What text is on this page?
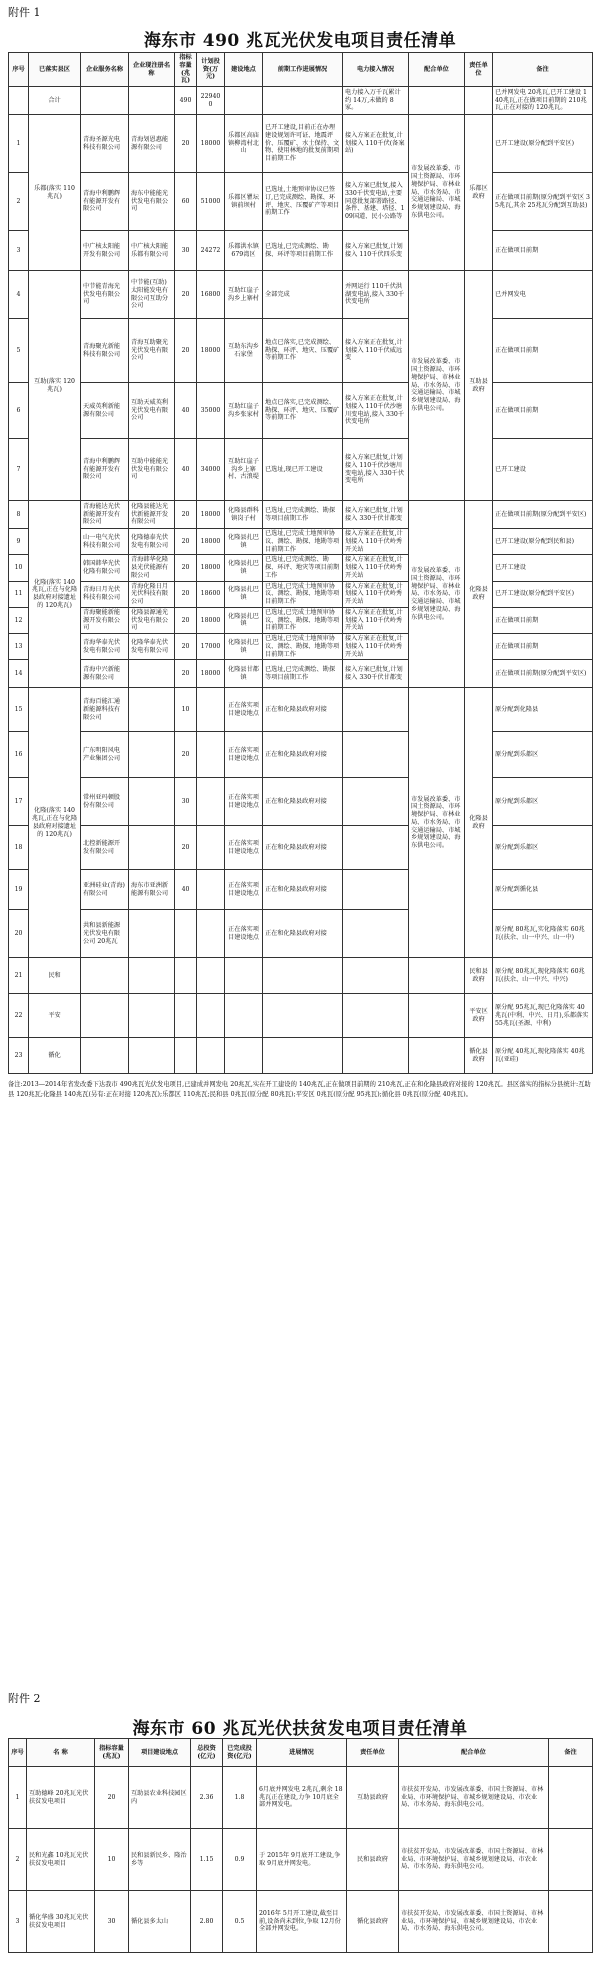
附件 1
海东市 490 兆瓦光伏发电项目责任清单
序号	已落实县区	企业服务名称	企业现注册名称	指标容量(兆瓦)	计划投资(万元)	建设地点	前期工作进展情况	电力接入情况	配合单位	责任单位	备注
	合计			490	229400			电力接入万千瓦累计约 14万,未做的 8家。			已并网发电 20兆瓦,已开工建设 140兆瓦,正在做项目前期的 210兆瓦,正在对接的 120兆瓦。
1	乐都(落实 110兆瓦)	青海圣源光电科技有限公司	青海划恩惠能源有限公司	20	18000	乐都区高庙镇柳湾村北山	已开工建设,目前正在办理建设规划许可证、地震评价、压覆矿、水土保持、文物、使用林地的批复前期项目前期工作	接入方案正在批复,计划接入 110千伏(备案站)	市发展改革委、市国土资源局、市环境保护局、市林业局、市水务局、市交通运输局、市城乡规划建设局、海东供电公司。	乐都区政府	已开工建设(原分配到平安区)
2		青海中利鹏辉有能源开发有限公司	海东中能能光伏发电有限公司	60	51000	乐都区瞿坛镇前坝村	已选址,土地预审协议已签订,已完成测绘、勘探、环评、地灾、压覆矿产等项目前期工作	接入方案已批复,接入 330千伏变电站,主要同意批复部署路径、条件、基建、塔径、109国道、民小公路等			正在做项目前期(原分配到平安区 35兆瓦,其余 25兆瓦分配到互助县)
3		中广核太阳能开发有限公司	中广核大阳能乐都有限公司	30	24272	乐都洪水镇 679湾区	已选址,已完成测绘、勘探、环评等项目前期工作	接入方案已批复,计划接入 110千伏四乐变			正在做项目前期
4	互助(落实 120兆瓦)	中节能青海光伏发电有限公司	中节能(互助)太阳能发电有限公司互助分公司	20	16800	互助红崖子沟乡上寨村	全部完成	并网运行 110千伏洪湖变电站,接入 330千伏变电所	市发展改革委、市国土资源局、市环境保护局、市林业局、市水务局、市交通运输局、市城乡规划建设局、海东供电公司。	互助县政府	已并网发电
5		青海聚光新能科技有限公司	青海互助聚光光伏发电有限公司	20	18000	互助东沟乡石家堡	地点已落实,已完成测绘、勘探、环评、地灾、压覆矿等前期工作	接入方案正在批复,计划接入 110千伏威远变			正在做项目前期
6		天威英利新能源有限公司	互助天威英利光伏发电有限公司	40	35000	互助红崖子沟乡张家村	地点已落实,已完成测绘、勘探、环评、地灾、压覆矿等前期工作	接入方案正在批复,计划接入 110千伏沙塘川变电站,接入 330千伏变电所			正在做项目前期
7		青海中利鹏辉有能源开发有限公司	互助中能能光伏发电有限公司	40	34000	互助红崖子沟乡上寨村、古浪堤	已选址,现已开工建设	接入方案已批复,计划接入 110千伏沙塘川变电站,接入 330千伏变电所			已开工建设
8	化隆(落实 140兆瓦,正在与化隆县政府对接遗址的 120兆瓦)	青海能达光伏新能源开发有限公司	化隆县能达光伏新能源开发有限公司	20	18000	化隆县群科镇岗子村	已选址,已完成测绘、勘探等项目前期工作	接入方案已批复,计划接入 330千伏甘都变	市发展改革委、市国土资源局、市环境保护局、市林业局、市水务局、市交通运输局、市城乡规划建设局、海东供电公司。	化隆县政府	正在做项目前期(原分配到平安区)
9		山一电气光伏科技有限公司	化隆德泰光伏发电有限公司	20	18000	化隆县扎巴镇	已选址,已完成土地预审协议、测绘、勘探、地勘等项目前期工作	接入方案正在批复,计划接入 110千伏岭秀开关站			已开工建设(原分配到民和县)
10		韩国韩华光伏化隆有限公司	青海韩华化隆县光伏能源有限公司	20	18000	化隆县扎巴镇	已选址,已完成测绘、勘探、环评、地灾等项目前期工作	接入方案正在批复,计划接入 110千伏岭秀开关站			已开工建设
11		青海日月光伏科技有限公司	青海化隆日月光伏科技有限公司	20	18600	化隆县扎巴镇	已选址,已完成土地预审协议、测绘、勘探、地勘等项目前期工作	接入方案正在批复,计划接入 110千伏岭秀开关站			已开工建设(原分配到平安区)
12		青海聚能新能源开发有限公司	化隆县源通光伏发电有限公司	20	18000	化隆县扎巴镇	已选址,已完成土地预审协议、测绘、勘探、地勘等项目前期工作	接入方案正在批复,计划接入 110千伏岭秀开关站			正在做项目前期
13		青海华泰光伏发电有限公司	化隆华泰光伏发电有限公司	20	17000	化隆县扎巴镇	已选址,已完成土地预审协议、测绘、勘探、地勘等项目前期工作	接入方案正在批复,计划接入 110千伏岭秀开关站			正在做项目前期
14		青海中兴新能源有限公司		20	18000	化隆县甘都镇	已选址,已完成测绘、勘探等项目前期工作	接入方案已批复,计划接入 330千伏甘都变			正在做项目前期(原分配到平安区)
15	化隆(落实 140兆瓦,正在与化隆县政府对接遗址的 120兆瓦)	青海百能汇通新能源科技有限公司		10		正在落实项目建设地点	正在和化隆县政府对接		市发展改革委、市国土资源局、市环境保护局、市林业局、市水务局、市交通运输局、市城乡规划建设局、海东供电公司。	化隆县政府	原分配到化隆县
16		广东明阳风电产业集团公司		20		正在落实项目建设地点	正在和化隆县政府对接				原分配到乐都区
17		常州亚玛顿股份有限公司		30		正在落实项目建设地点	正在和化隆县政府对接				原分配到乐都区
18		北控新能源开发有限公司		20		正在落实项目建设地点	正在和化隆县政府对接				原分配到乐都区
19		亚洲硅业(青海)有限公司	海东市亚洲新能源有限公司	40		正在落实项目建设地点	正在和化隆县政府对接				原分配到循化县
20		共和县新能源光伏发电有限公司 20兆瓦				正在落实项目建设地点	正在和化隆县政府对接				原分配 80兆瓦,实化隆落实 60兆瓦(扶余、山一中兴、山一中)
21	民和									民和县政府	原分配 80兆瓦,现化隆落实 60兆瓦(扶余、山一中兴、中兴)
22	平安									平安区政府	原分配 95兆瓦,现已化隆落实 40兆瓦(中利、中兴、日月),乐都落实 55兆瓦(圣源、中利)
23	循化									循化县政府	原分配 40兆瓦,现化隆落实 40兆瓦(亚硅)
备注:2013—2014年省发改委下达我市 490兆瓦光伏发电项目,已建成并网发电 20兆瓦,实在开工建设的 140兆瓦,正在做项目前期的 210兆瓦,正在和化隆县政府对接的 120兆瓦。县区落实的指标分县统计:互助县 120兆瓦;化隆县 140兆瓦(另有:正在对接 120兆瓦);乐都区 110兆瓦;民和县 0兆瓦(原分配 80兆瓦);平安区 0兆瓦(原分配 95兆瓦);循化县 0兆瓦(原分配 40兆瓦)。
附件 2
海东市 60 兆瓦光伏扶贫发电项目责任清单
序号	名 称	指标容量(兆瓦)	项目建设地点	总投资(亿元)	已完成投资(亿元)	进展情况	责任单位	配合单位	备注
1	互助德峰 20兆瓦光伏扶贫发电项目	20	互助县农业科技园区内	2.36	1.8	6月底并网发电 2兆瓦,剩余 18兆瓦正在建设,力争 10月底全部并网发电。	互助县政府	市扶贫开发局、市发展改革委、市国土资源局、市林业局、市环境保护局、市城乡规划建设局、市农业局、市水务局、海东供电公司。	
2	民和光鑫 10兆瓦光伏扶贫发电项目	10	民和县新民乡、隆治乡等	1.15	0.9	于 2015年 9月底开工建设,争取 9月底并网发电。	民和县政府	市扶贫开发局、市发展改革委、市国土资源局、市林业局、市环境保护局、市城乡规划建设局、市农业局、市水务局、海东供电公司。	
3	循化华盛 30兆瓦光伏扶贫发电项目	30	循化县多太山	2.80	0.5	2016年 5月开工建设,截至目前,设备尚未到位,争取 12月份全部并网发电。	循化县政府	市扶贫开发局、市发展改革委、市国土资源局、市林业局、市环境保护局、市城乡规划建设局、市农业局、市水务局、海东供电公司。	
